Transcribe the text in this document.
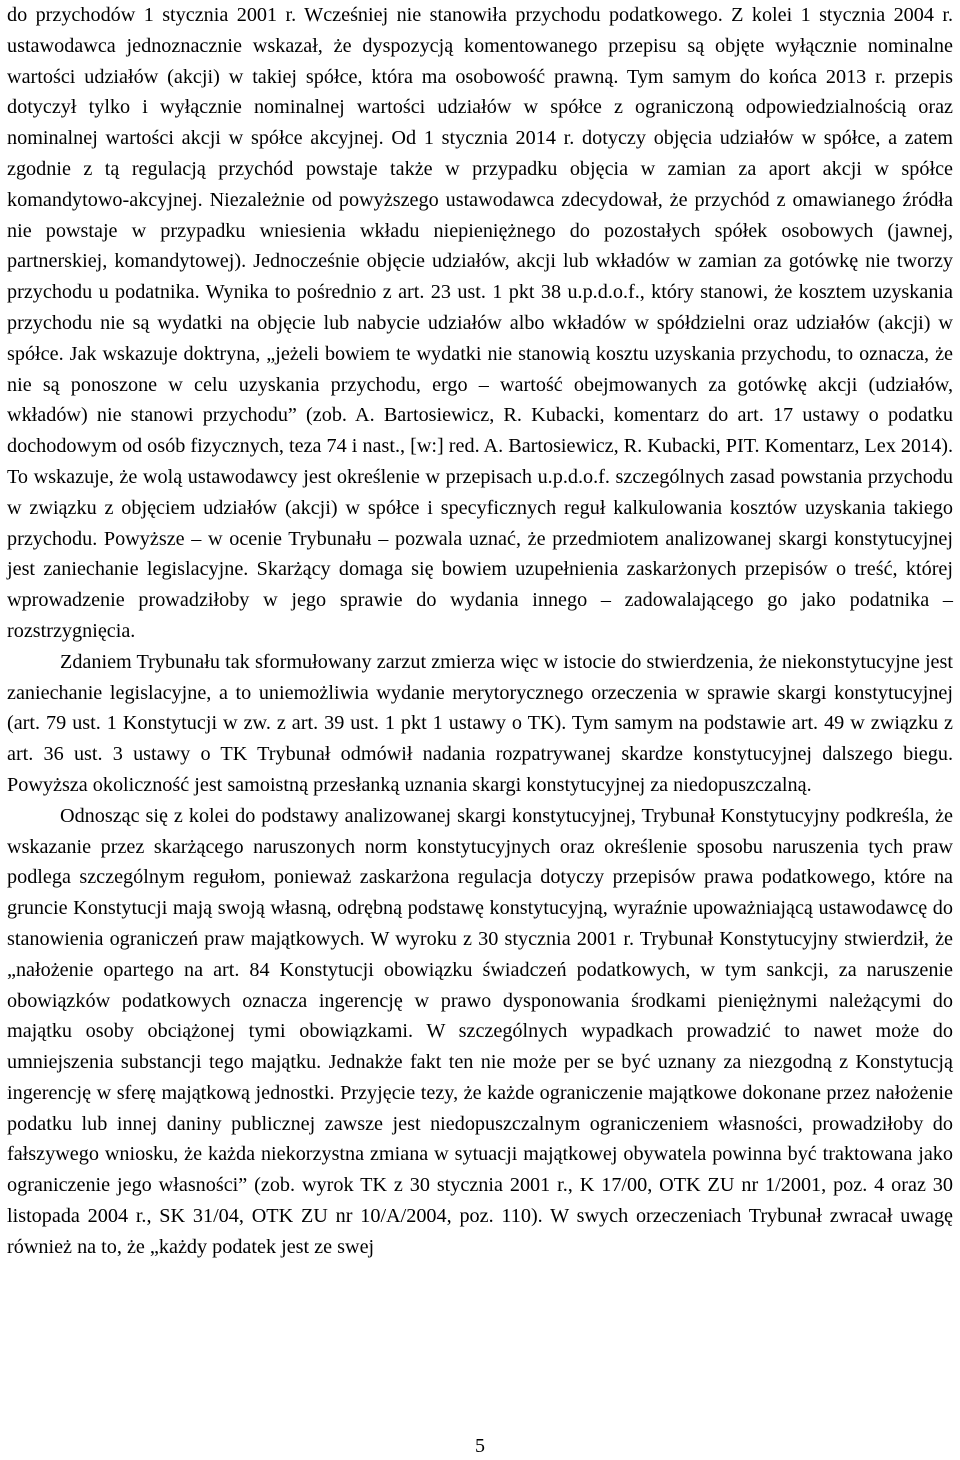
do przychodów 1 stycznia 2001 r. Wcześniej nie stanowiła przychodu podatkowego. Z kolei 1 stycznia 2004 r. ustawodawca jednoznacznie wskazał, że dyspozycją komentowanego przepisu są objęte wyłącznie nominalne wartości udziałów (akcji) w takiej spółce, która ma osobowość prawną. Tym samym do końca 2013 r. przepis dotyczył tylko i wyłącznie nominalnej wartości udziałów w spółce z ograniczoną odpowiedzialnością oraz nominalnej wartości akcji w spółce akcyjnej. Od 1 stycznia 2014 r. dotyczy objęcia udziałów w spółce, a zatem zgodnie z tą regulacją przychód powstaje także w przypadku objęcia w zamian za aport akcji w spółce komandytowo-akcyjnej. Niezależnie od powyższego ustawodawca zdecydował, że przychód z omawianego źródła nie powstaje w przypadku wniesienia wkładu niepieniężnego do pozostałych spółek osobowych (jawnej, partnerskiej, komandytowej). Jednocześnie objęcie udziałów, akcji lub wkładów w zamian za gotówkę nie tworzy przychodu u podatnika. Wynika to pośrednio z art. 23 ust. 1 pkt 38 u.p.d.o.f., który stanowi, że kosztem uzyskania przychodu nie są wydatki na objęcie lub nabycie udziałów albo wkładów w spółdzielni oraz udziałów (akcji) w spółce. Jak wskazuje doktryna, „jeżeli bowiem te wydatki nie stanowią kosztu uzyskania przychodu, to oznacza, że nie są ponoszone w celu uzyskania przychodu, ergo – wartość obejmowanych za gotówkę akcji (udziałów, wkładów) nie stanowi przychodu” (zob. A. Bartosiewicz, R. Kubacki, komentarz do art. 17 ustawy o podatku dochodowym od osób fizycznych, teza 74 i nast., [w:] red. A. Bartosiewicz, R. Kubacki, PIT. Komentarz, Lex 2014). To wskazuje, że wolą ustawodawcy jest określenie w przepisach u.p.d.o.f. szczególnych zasad powstania przychodu w związku z objęciem udziałów (akcji) w spółce i specyficznych reguł kalkulowania kosztów uzyskania takiego przychodu. Powyższe – w ocenie Trybunału – pozwala uznać, że przedmiotem analizowanej skargi konstytucyjnej jest zaniechanie legislacyjne. Skarżący domaga się bowiem uzupełnienia zaskarżonych przepisów o treść, której wprowadzenie prowadziłoby w jego sprawie do wydania innego – zadowalającego go jako podatnika – rozstrzygnięcia.

Zdaniem Trybunału tak sformułowany zarzut zmierza więc w istocie do stwierdzenia, że niekonstytucyjne jest zaniechanie legislacyjne, a to uniemożliwia wydanie merytorycznego orzeczenia w sprawie skargi konstytucyjnej (art. 79 ust. 1 Konstytucji w zw. z art. 39 ust. 1 pkt 1 ustawy o TK). Tym samym na podstawie art. 49 w związku z art. 36 ust. 3 ustawy o TK Trybunał odmówił nadania rozpatrywanej skardze konstytucyjnej dalszego biegu. Powyższa okoliczność jest samoistną przesłanką uznania skargi konstytucyjnej za niedopuszczalną.

Odnosząc się z kolei do podstawy analizowanej skargi konstytucyjnej, Trybunał Konstytucyjny podkreśla, że wskazanie przez skarżącego naruszonych norm konstytucyjnych oraz określenie sposobu naruszenia tych praw podlega szczególnym regułom, ponieważ zaskarżona regulacja dotyczy przepisów prawa podatkowego, które na gruncie Konstytucji mają swoją własną, odrębną podstawę konstytucyjną, wyraźnie upoważniającą ustawodawcę do stanowienia ograniczeń praw majątkowych. W wyroku z 30 stycznia 2001 r. Trybunał Konstytucyjny stwierdził, że „nałożenie opartego na art. 84 Konstytucji obowiązku świadczeń podatkowych, w tym sankcji, za naruszenie obowiązków podatkowych oznacza ingerencję w prawo dysponowania środkami pieniężnymi należącymi do majątku osoby obciążonej tymi obowiązkami. W szczególnych wypadkach prowadzić to nawet może do umniejszenia substancji tego majątku. Jednakże fakt ten nie może per se być uznany za niezgodną z Konstytucją ingerencję w sferę majątkową jednostki. Przyjęcie tezy, że każde ograniczenie majątkowe dokonane przez nałożenie podatku lub innej daniny publicznej zawsze jest niedopuszczalnym ograniczeniem własności, prowadziłoby do fałszywego wniosku, że każda niekorzystna zmiana w sytuacji majątkowej obywatela powinna być traktowana jako ograniczenie jego własności” (zob. wyrok TK z 30 stycznia 2001 r., K 17/00, OTK ZU nr 1/2001, poz. 4 oraz 30 listopada 2004 r., SK 31/04, OTK ZU nr 10/A/2004, poz. 110). W swych orzeczeniach Trybunał zwracał uwagę również na to, że „każdy podatek jest ze swej

5
